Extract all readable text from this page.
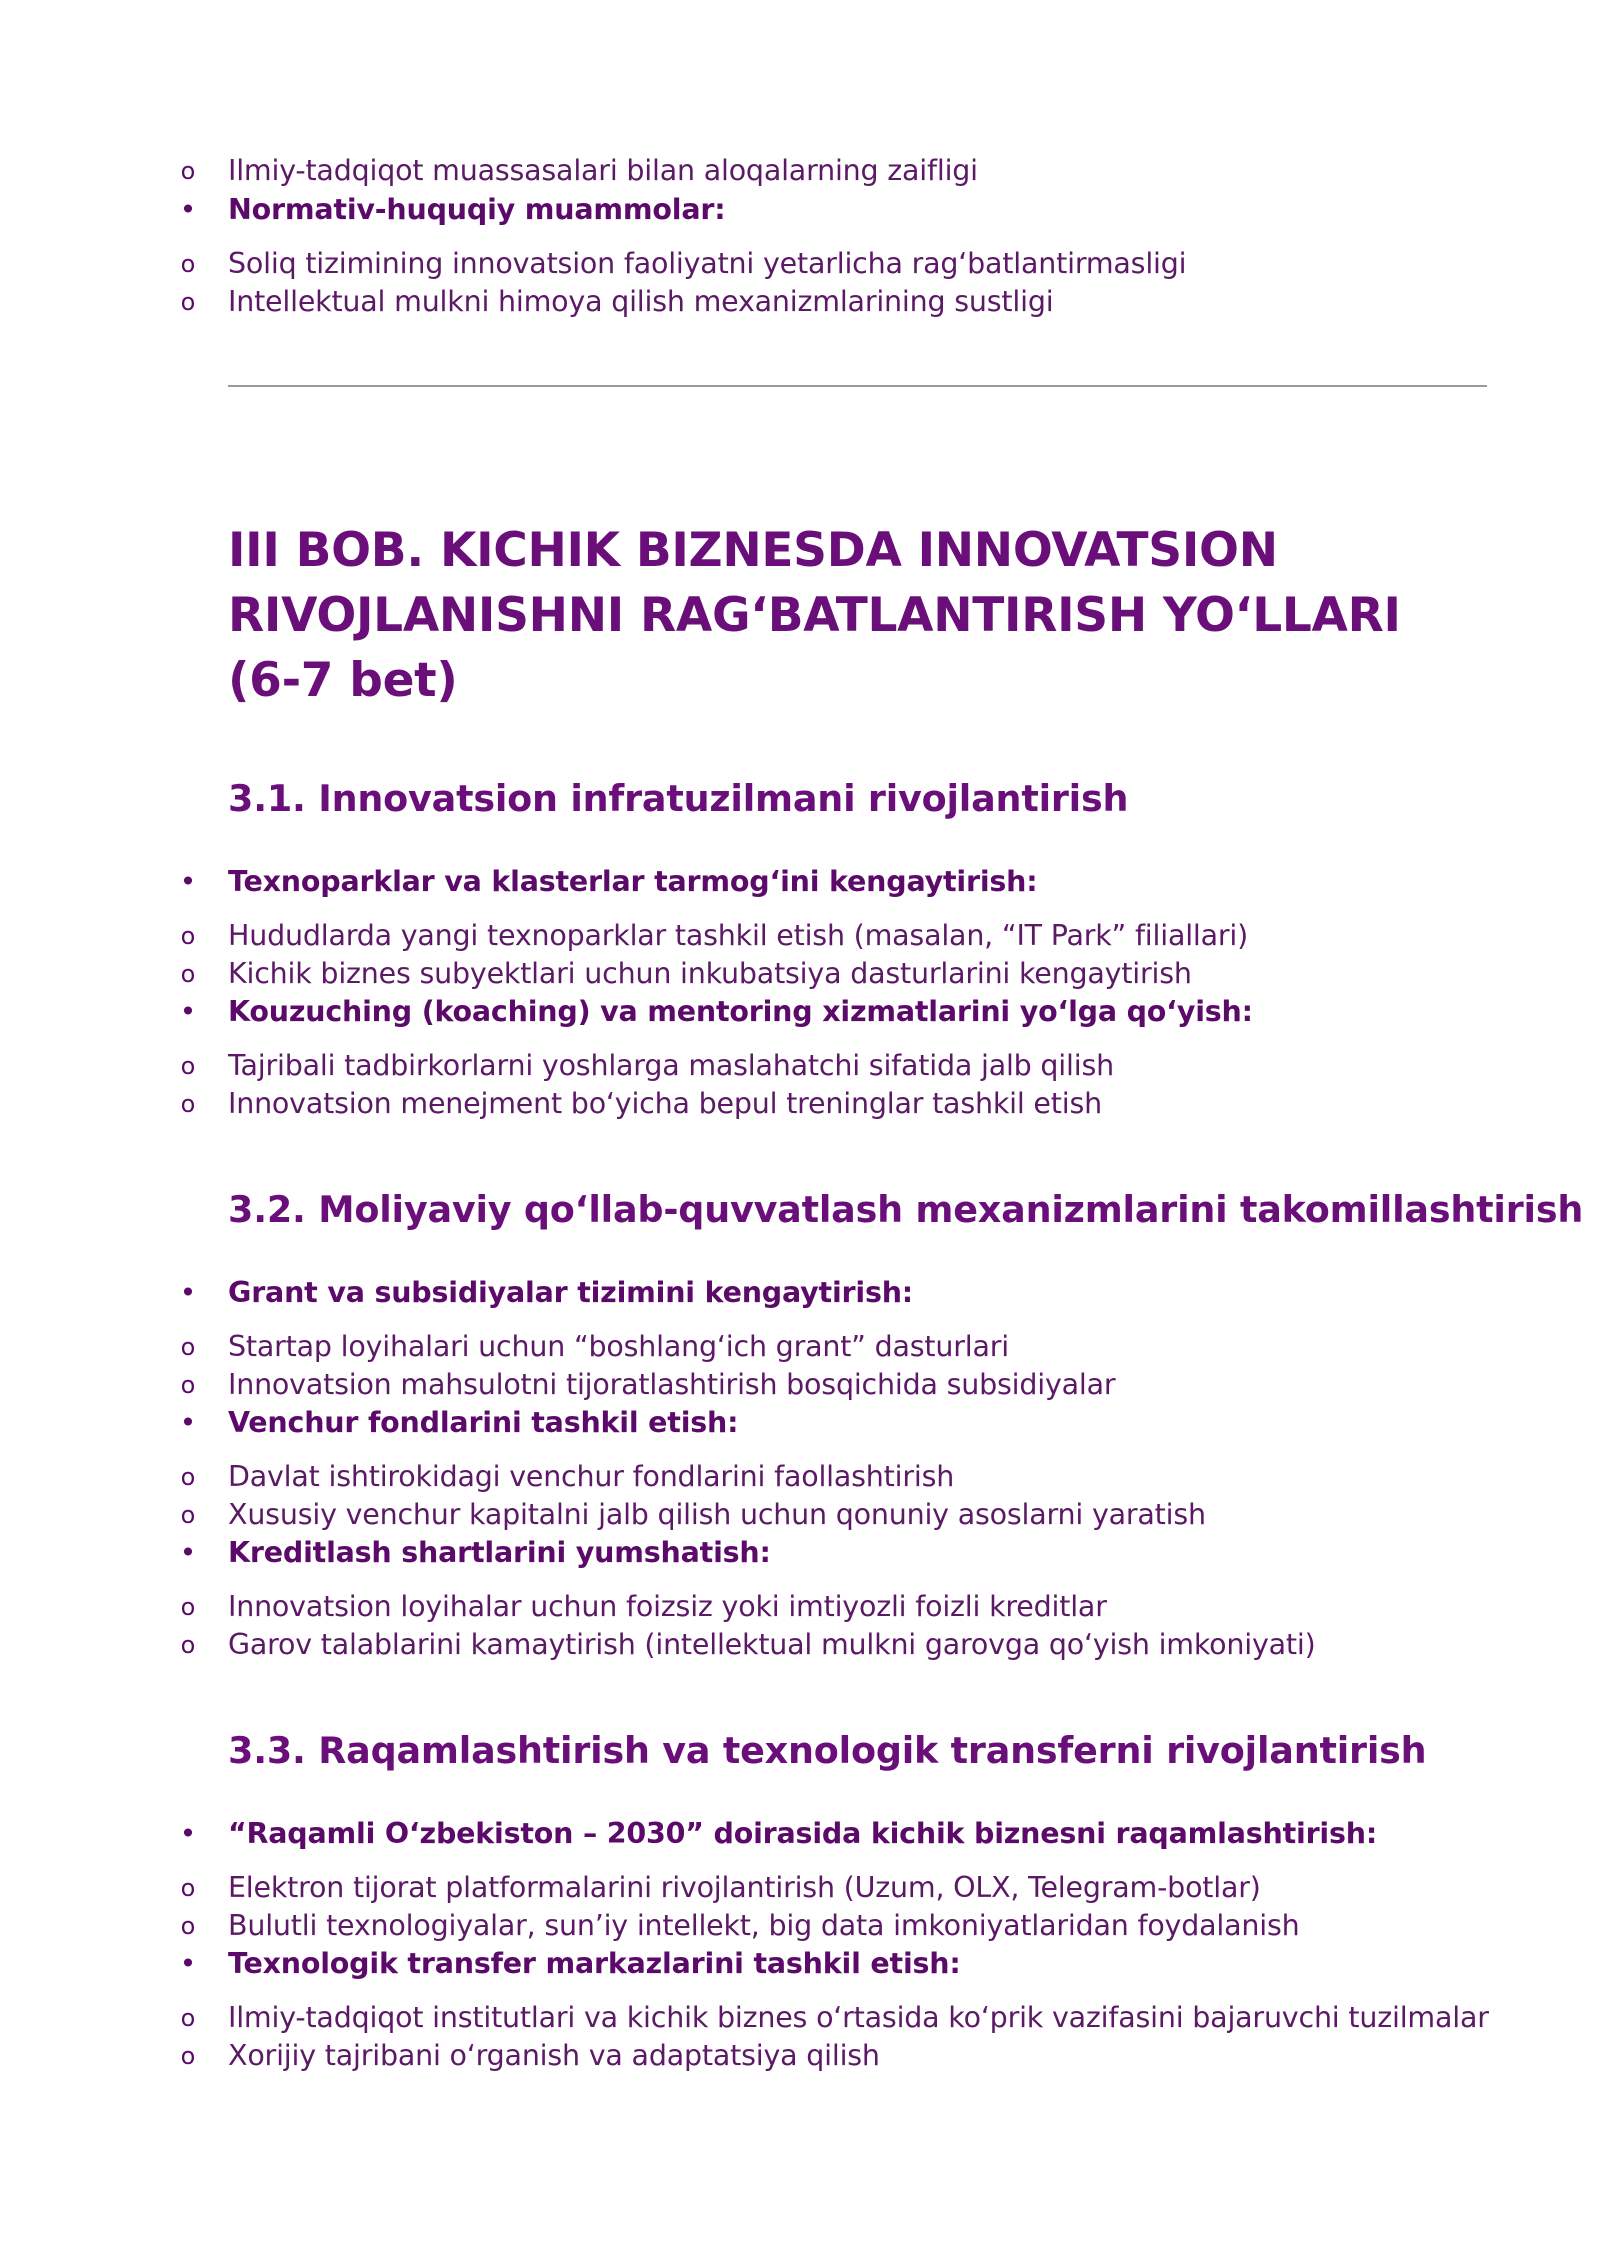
o Ilmiy-tadqiqot muassasalari bilan aloqalarning zaifligi
• Normativ-huquqiy muammolar:
o Soliq tizimining innovatsion faoliyatni yetarlicha rag‘batlantirmasligi
o Intellektual mulkni himoya qilish mexanizmlarining sustligi
III BOB. KICHIK BIZNESDA INNOVATSION RIVOJLANISHNI RAG‘BATLANTIRISH YO‘LLARI (6-7 bet)
3.1. Innovatsion infratuzilmani rivojlantirish
• Texnoparklar va klasterlar tarmog‘ini kengaytirish:
o Hududlarda yangi texnoparklar tashkil etish (masalan, “IT Park” filiallari)
o Kichik biznes subyektlari uchun inkubatsiya dasturlarini kengaytirish
• Kouzuching (koaching) va mentoring xizmatlarini yo‘lga qo‘yish:
o Tajribali tadbirkorlarni yoshlarga maslahatchi sifatida jalb qilish
o Innovatsion menejment bo‘yicha bepul treninglar tashkil etish
3.2. Moliyaviy qo‘llab-quvvatlash mexanizmlarini takomillashtirish
• Grant va subsidiyalar tizimini kengaytirish:
o Startap loyihalari uchun “boshlang‘ich grant” dasturlari
o Innovatsion mahsulotni tijoratlashtirish bosqichida subsidiyalar
• Venchur fondlarini tashkil etish:
o Davlat ishtirokidagi venchur fondlarini faollashtirish
o Xususiy venchur kapitalni jalb qilish uchun qonuniy asoslarni yaratish
• Kreditlash shartlarini yumshatish:
o Innovatsion loyihalar uchun foizsiz yoki imtiyozli foizli kreditlar
o Garov talablarini kamaytirish (intellektual mulkni garovga qo‘yish imkoniyati)
3.3. Raqamlashtirish va texnologik transferni rivojlantirish
• “Raqamli O‘zbekiston – 2030” doirasida kichik biznesni raqamlashtirish:
o Elektron tijorat platformalarini rivojlantirish (Uzum, OLX, Telegram-botlar)
o Bulutli texnologiyalar, sun’iy intellekt, big data imkoniyatlaridan foydalanish
• Texnologik transfer markazlarini tashkil etish:
o Ilmiy-tadqiqot institutlari va kichik biznes o‘rtasida ko‘prik vazifasini bajaruvchi tuzilmalar
o Xorijiy tajribani o‘rganish va adaptatsiya qilish
